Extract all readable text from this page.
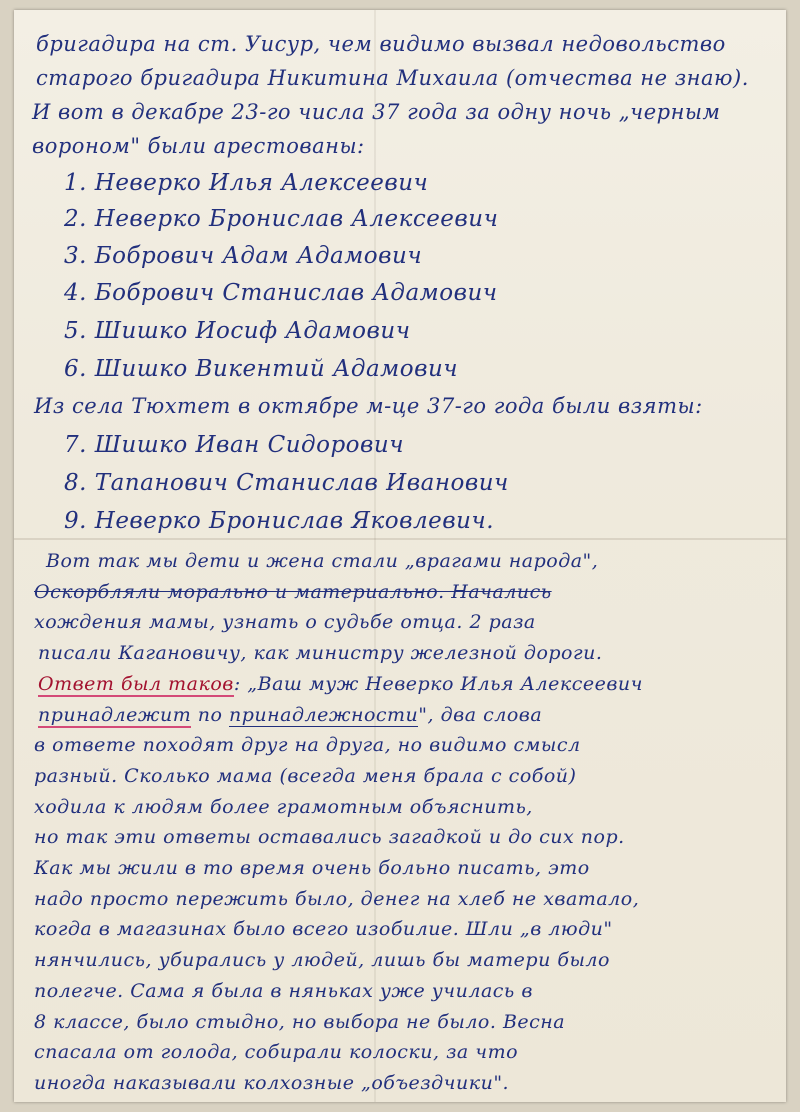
бригадира на ст. Уисур, чем видимо вызвал недовольство
старого бригадира Никитина Михаила (отчества не знаю).
И вот в декабре 23-го числа 37 года за одну ночь „черным
вороном" были арестованы:
1. Неверко Илья Алексеевич
2. Неверко Бронислав Алексеевич
3. Бобрович Адам Адамович
4. Бобрович Станислав Адамович
5. Шишко Иосиф Адамович
6. Шишко Викентий Адамович
Из села Тюхтет в октябре м-це 37-го года были взяты:
7. Шишко Иван Сидорович
8. Тапанович Станислав Иванович
9. Неверко Бронислав Яковлевич.
Вот так мы дети и жена стали „врагами народа",
Оскорбляли морально и материально. Начались
хождения мамы, узнать о судьбе отца. 2 раза
писали Кагановичу, как министру железной дороги.
Ответ был таков: „Ваш муж Неверко Илья Алексеевич
принадлежит по принадлежности", два слова
в ответе походят друг на друга, но видимо смысл
разный. Сколько мама (всегда меня брала с собой)
ходила к людям более грамотным объяснить,
но так эти ответы оставались загадкой и до сих пор.
Как мы жили в то время очень больно писать, это
надо просто пережить было, денег на хлеб не хватало,
когда в магазинах было всего изобилие. Шли „в люди"
нянчились, убирались у людей, лишь бы матери было
полегче. Сама я была в няньках уже училась в
8 классе, было стыдно, но выбора не было. Весна
спасала от голода, собирали колоски, за что
иногда наказывали колхозные „объездчики".
